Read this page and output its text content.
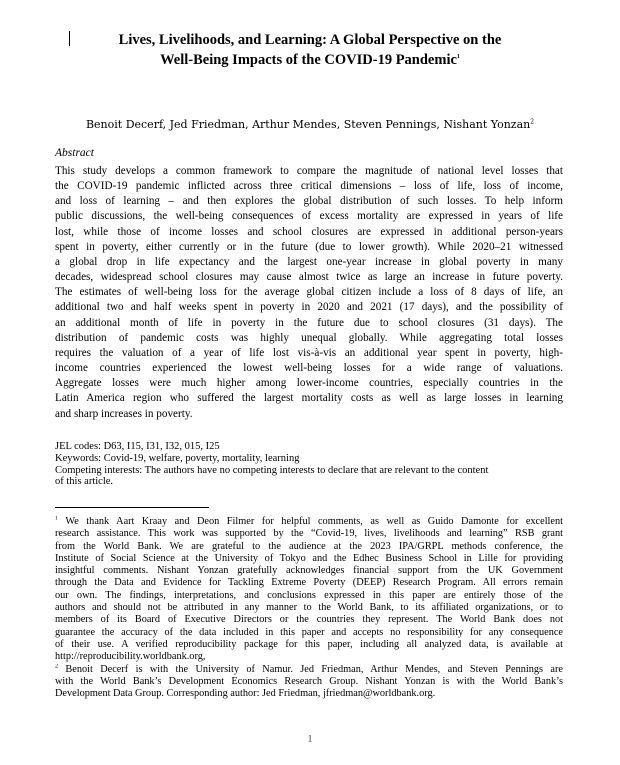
Lives, Livelihoods, and Learning: A Global Perspective on the
Well-Being Impacts of the COVID-19 Pandemic$^1$
Benoit Decerf, Jed Friedman, Arthur Mendes, Steven Pennings, Nishant Yonzan$^2$
Abstract
This study develops a common framework to compare the magnitude of national level losses that
the COVID-19 pandemic inflicted across three critical dimensions – loss of life, loss of income,
and loss of learning – and then explores the global distribution of such losses. To help inform
public discussions, the well-being consequences of excess mortality are expressed in years of life
lost, while those of income losses and school closures are expressed in additional person-years
spent in poverty, either currently or in the future (due to lower growth). While 2020–21 witnessed
a global drop in life expectancy and the largest one-year increase in global poverty in many
decades, widespread school closures may cause almost twice as large an increase in future poverty.
The estimates of well-being loss for the average global citizen include a loss of 8 days of life, an
additional two and half weeks spent in poverty in 2020 and 2021 (17 days), and the possibility of
an additional month of life in poverty in the future due to school closures (31 days). The
distribution of pandemic costs was highly unequal globally. While aggregating total losses
requires the valuation of a year of life lost vis-à-vis an additional year spent in poverty, high-
income countries experienced the lowest well-being losses for a wide range of valuations.
Aggregate losses were much higher among lower-income countries, especially countries in the
Latin America region who suffered the largest mortality costs as well as large losses in learning
and sharp increases in poverty.
JEL codes: D63, I15, I31, I32, 015, I25
Keywords: Covid-19, welfare, poverty, mortality, learning
Competing interests: The authors have no competing interests to declare that are relevant to the content
of this article.
$^1$ We thank Aart Kraay and Deon Filmer for helpful comments, as well as Guido Damonte for excellent
research assistance. This work was supported by the “Covid-19, lives, livelihoods and learning” RSB grant
from the World Bank. We are grateful to the audience at the 2023 IPA/GRPL methods conference, the
Institute of Social Science at the University of Tokyo and the Edhec Business School in Lille for providing
insightful comments. Nishant Yonzan gratefully acknowledges financial support from the UK Government
through the Data and Evidence for Tackling Extreme Poverty (DEEP) Research Program. All errors remain
our own. The findings, interpretations, and conclusions expressed in this paper are entirely those of the
authors and should not be attributed in any manner to the World Bank, to its affiliated organizations, or to
members of its Board of Executive Directors or the countries they represent. The World Bank does not
guarantee the accuracy of the data included in this paper and accepts no responsibility for any consequence
of their use. A verified reproducibility package for this paper, including all analyzed data, is available at
http://reproducibility.worldbank.org,
$^2$ Benoit Decerf is with the University of Namur. Jed Friedman, Arthur Mendes, and Steven Pennings are
with the World Bank’s Development Economics Research Group. Nishant Yonzan is with the World Bank’s
Development Data Group. Corresponding author: Jed Friedman, jfriedman@worldbank.org.
1
